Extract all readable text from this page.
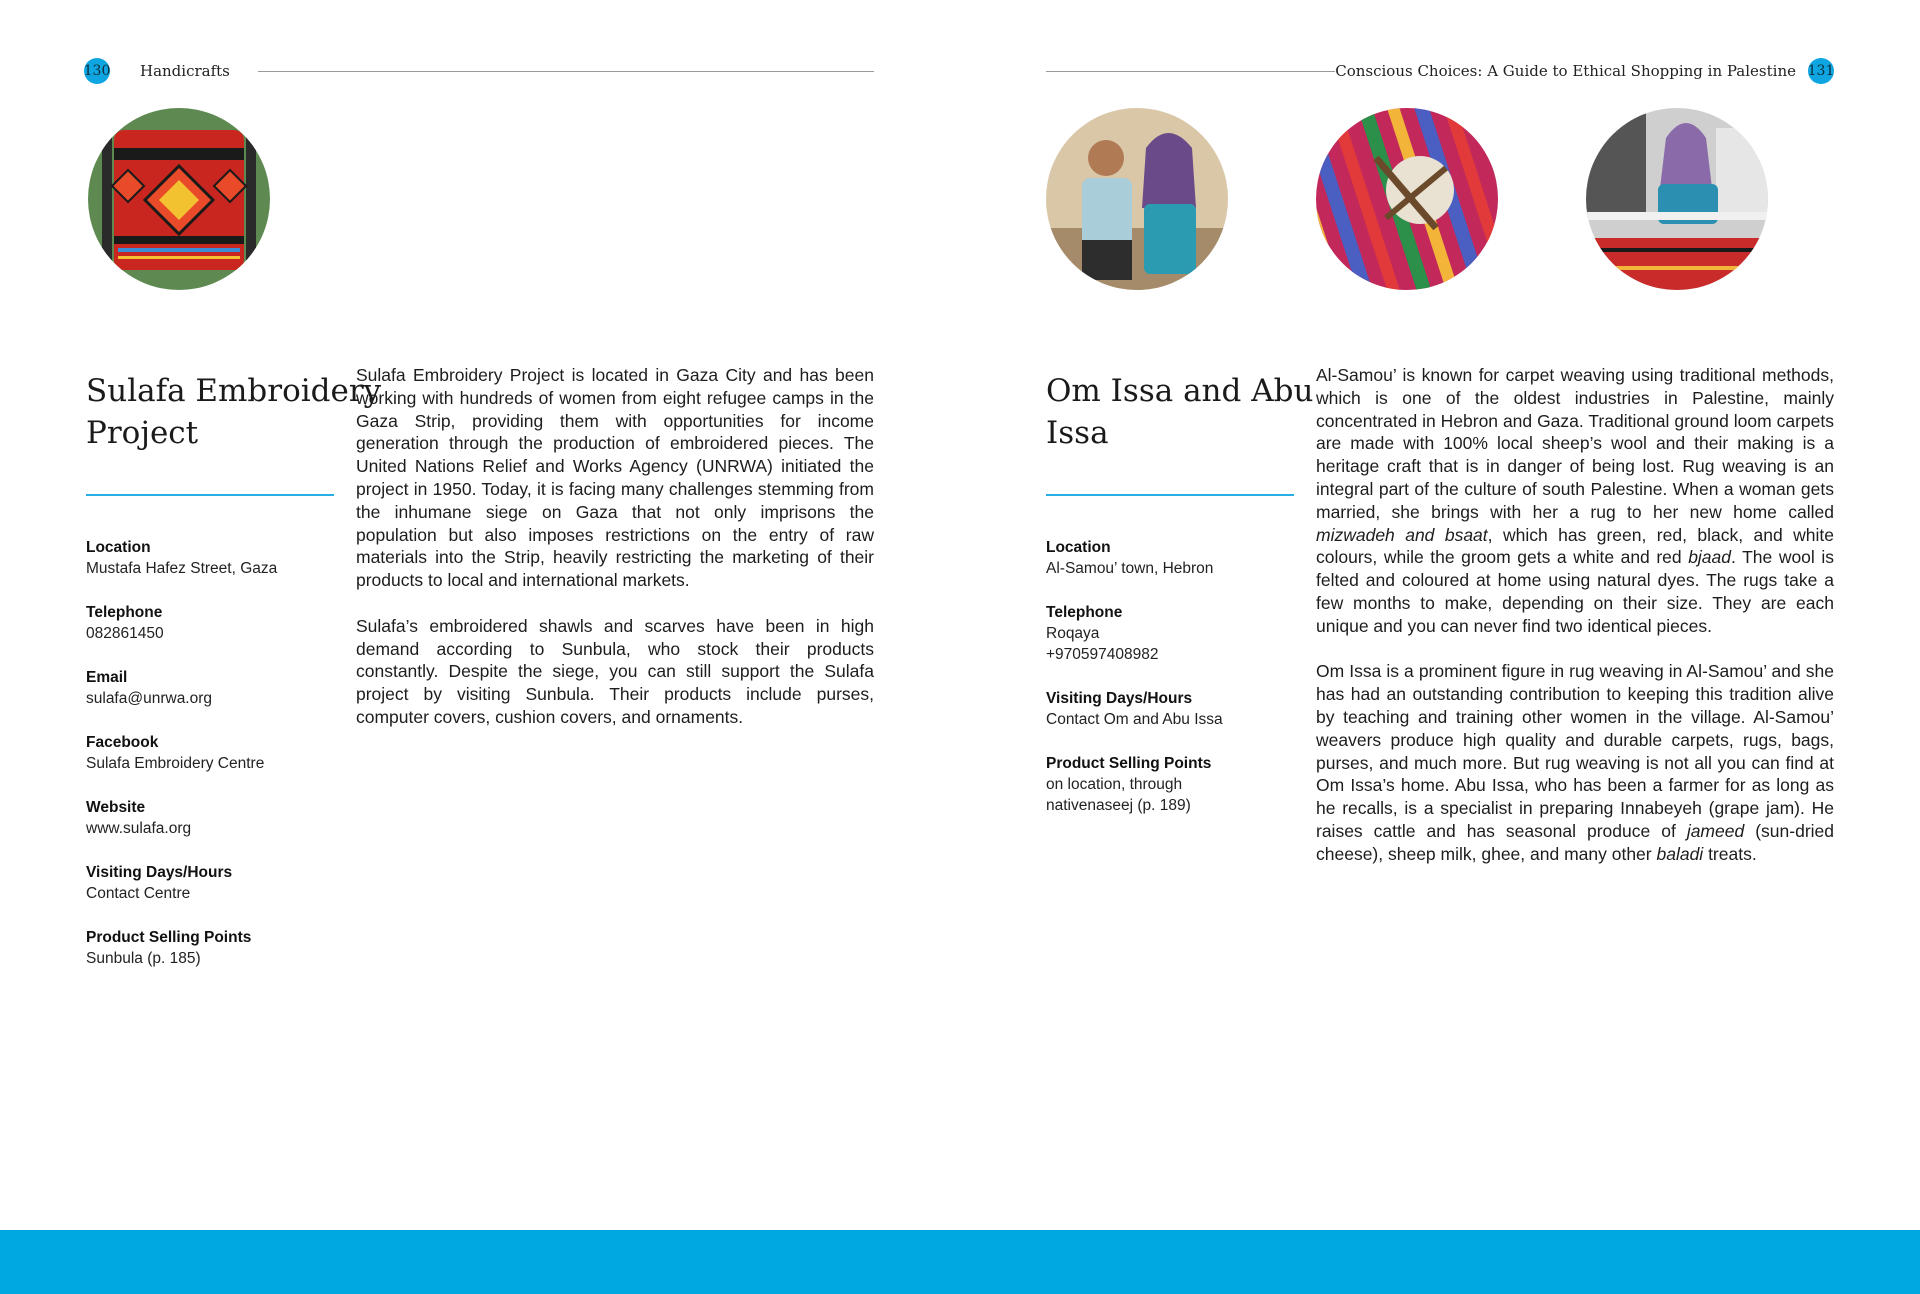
130 Handicrafts
Sulafa Embroidery
Project
Location
Mustafa Hafez Street, Gaza
Telephone
082861450
Email
sulafa@unrwa.org
Facebook
Sulafa Embroidery Centre
Website
www.sulafa.org
Visiting Days/Hours
Contact Centre
Product Selling Points
Sunbula (p. 185)

Sulafa Embroidery Project is located in Gaza City and has been working with hundreds of women from eight refugee camps in the Gaza Strip, providing them with opportunities for income generation through the production of embroidered pieces. The United Nations Relief and Works Agency (UNRWA) initiated the project in 1950. Today, it is facing many challenges stemming from the inhumane siege on Gaza that not only imprisons the population but also imposes restrictions on the entry of raw materials into the Strip, heavily restricting the marketing of their products to local and international markets.

Sulafa’s embroidered shawls and scarves have been in high demand according to Sunbula, who stock their products constantly. Despite the siege, you can still support the Sulafa project by visiting Sunbula. Their products include purses, computer covers, cushion covers, and ornaments.

Conscious Choices: A Guide to Ethical Shopping in Palestine 131
Om Issa and Abu
Issa
Location
Al-Samou’ town, Hebron
Telephone
Roqaya
+970597408982
Visiting Days/Hours
Contact Om and Abu Issa
Product Selling Points
on location, through
nativenaseej (p. 189)

Al-Samou’ is known for carpet weaving using traditional methods, which is one of the oldest industries in Palestine, mainly concentrated in Hebron and Gaza. Traditional ground loom carpets are made with 100% local sheep’s wool and their making is a heritage craft that is in danger of being lost. Rug weaving is an integral part of the culture of south Palestine. When a woman gets married, she brings with her a rug to her new home called mizwadeh and bsaat, which has green, red, black, and white colours, while the groom gets a white and red bjaad. The wool is felted and coloured at home using natural dyes. The rugs take a few months to make, depending on their size. They are each unique and you can never find two identical pieces.

Om Issa is a prominent figure in rug weaving in Al-Samou’ and she has had an outstanding contribution to keeping this tradition alive by teaching and training other women in the village. Al-Samou’ weavers produce high quality and durable carpets, rugs, bags, purses, and much more. But rug weaving is not all you can find at Om Issa’s home. Abu Issa, who has been a farmer for as long as he recalls, is a specialist in preparing Innabeyeh (grape jam). He raises cattle and has seasonal produce of jameed (sun-dried cheese), sheep milk, ghee, and many other baladi treats.
